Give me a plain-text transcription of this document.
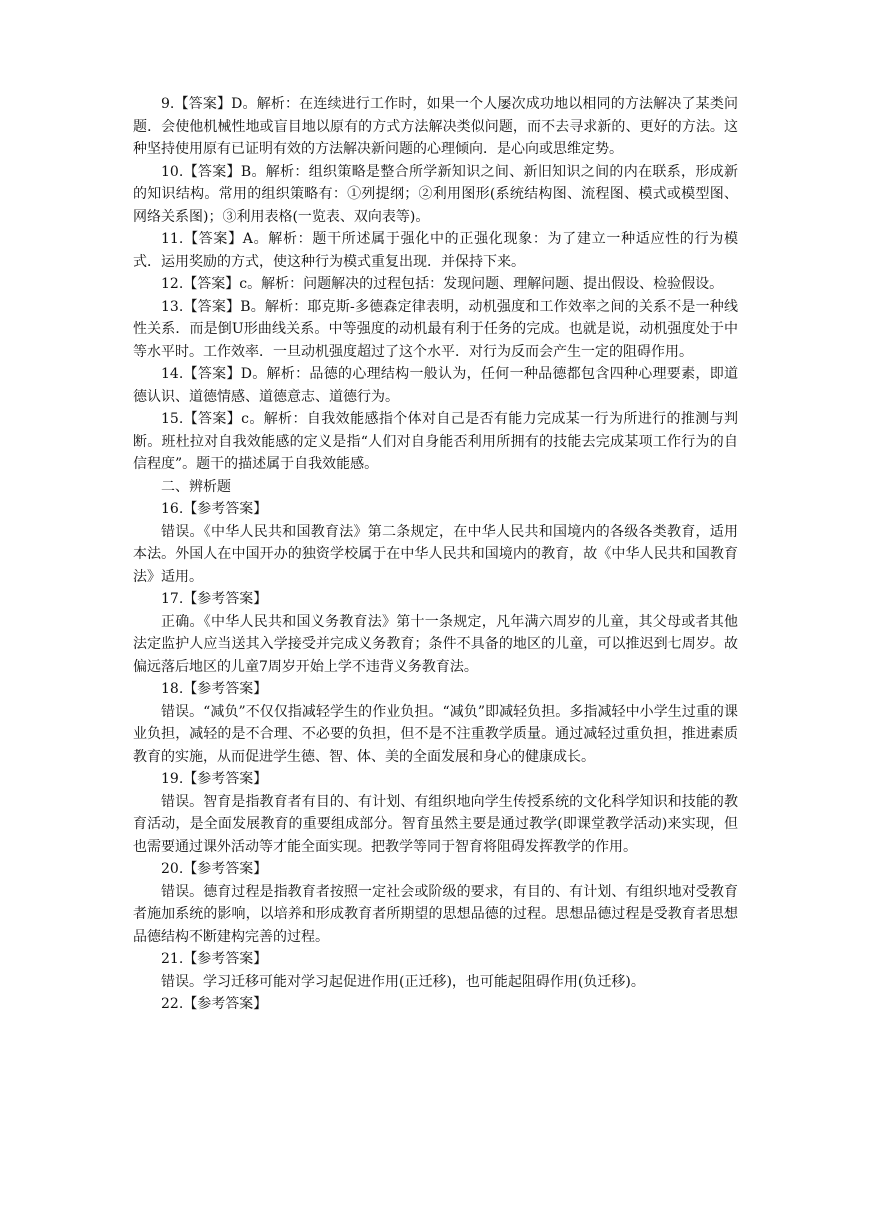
9.【答案】D。解析：在连续进行工作时，如果一个人屡次成功地以相同的方法解决了某类问题．会使他机械性地或盲目地以原有的方式方法解决类似问题，而不去寻求新的、更好的方法。这种坚持使用原有已证明有效的方法解决新问题的心理倾向．是心向或思维定势。

10.【答案】B。解析：组织策略是整合所学新知识之间、新旧知识之间的内在联系，形成新的知识结构。常用的组织策略有：①列提纲；②利用图形(系统结构图、流程图、模式或模型图、网络关系图)；③利用表格(一览表、双向表等)。

11.【答案】A。解析：题干所述属于强化中的正强化现象：为了建立一种适应性的行为模式．运用奖励的方式，使这种行为模式重复出现．并保持下来。

12.【答案】c。解析：问题解决的过程包括：发现问题、理解问题、提出假设、检验假设。

13.【答案】B。解析：耶克斯-多德森定律表明，动机强度和工作效率之间的关系不是一种线性关系．而是倒U形曲线关系。中等强度的动机最有利于任务的完成。也就是说，动机强度处于中等水平时。工作效率．一旦动机强度超过了这个水平．对行为反而会产生一定的阻碍作用。

14.【答案】D。解析：品德的心理结构一般认为，任何一种品德都包含四种心理要素，即道德认识、道德情感、道德意志、道德行为。

15.【答案】c。解析：自我效能感指个体对自己是否有能力完成某一行为所进行的推测与判断。班杜拉对自我效能感的定义是指“人们对自身能否利用所拥有的技能去完成某项工作行为的自信程度”。题干的描述属于自我效能感。

二、辨析题

16.【参考答案】

错误。《中华人民共和国教育法》第二条规定，在中华人民共和国境内的各级各类教育，适用本法。外国人在中国开办的独资学校属于在中华人民共和国境内的教育，故《中华人民共和国教育法》适用。

17.【参考答案】

正确。《中华人民共和国义务教育法》第十一条规定，凡年满六周岁的儿童，其父母或者其他法定监护人应当送其入学接受并完成义务教育；条件不具备的地区的儿童，可以推迟到七周岁。故偏远落后地区的儿童7周岁开始上学不违背义务教育法。

18.【参考答案】

错误。“减负”不仅仅指减轻学生的作业负担。“减负”即减轻负担。多指减轻中小学生过重的课业负担，减轻的是不合理、不必要的负担，但不是不注重教学质量。通过减轻过重负担，推进素质教育的实施，从而促进学生德、智、体、美的全面发展和身心的健康成长。

19.【参考答案】

错误。智育是指教育者有目的、有计划、有组织地向学生传授系统的文化科学知识和技能的教育活动，是全面发展教育的重要组成部分。智育虽然主要是通过教学(即课堂教学活动)来实现，但也需要通过课外活动等才能全面实现。把教学等同于智育将阻碍发挥教学的作用。

20.【参考答案】

错误。德育过程是指教育者按照一定社会或阶级的要求，有目的、有计划、有组织地对受教育者施加系统的影响，以培养和形成教育者所期望的思想品德的过程。思想品德过程是受教育者思想品德结构不断建构完善的过程。

21.【参考答案】

错误。学习迁移可能对学习起促进作用(正迁移)，也可能起阻碍作用(负迁移)。

22.【参考答案】
